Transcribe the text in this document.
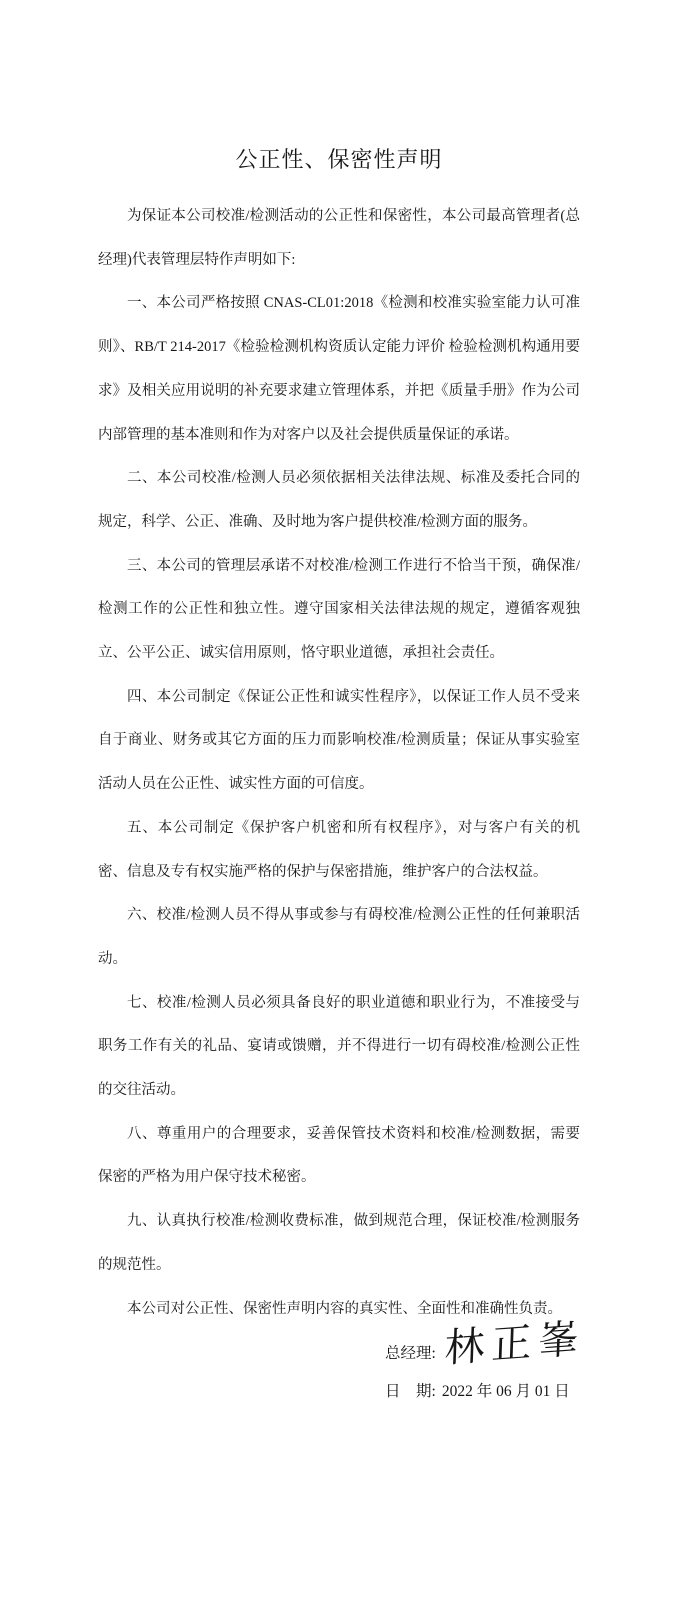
公正性、保密性声明

为保证本公司校准/检测活动的公正性和保密性，本公司最高管理者(总经理)代表管理层特作声明如下:

一、本公司严格按照 CNAS-CL01:2018《检测和校准实验室能力认可准则》、RB/T 214-2017《检验检测机构资质认定能力评价 检验检测机构通用要求》及相关应用说明的补充要求建立管理体系，并把《质量手册》作为公司内部管理的基本准则和作为对客户以及社会提供质量保证的承诺。

二、本公司校准/检测人员必须依据相关法律法规、标准及委托合同的规定，科学、公正、准确、及时地为客户提供校准/检测方面的服务。

三、本公司的管理层承诺不对校准/检测工作进行不恰当干预，确保准/检测工作的公正性和独立性。遵守国家相关法律法规的规定，遵循客观独立、公平公正、诚实信用原则，恪守职业道德，承担社会责任。

四、本公司制定《保证公正性和诚实性程序》，以保证工作人员不受来自于商业、财务或其它方面的压力而影响校准/检测质量；保证从事实验室活动人员在公正性、诚实性方面的可信度。

五、本公司制定《保护客户机密和所有权程序》，对与客户有关的机密、信息及专有权实施严格的保护与保密措施，维护客户的合法权益。

六、校准/检测人员不得从事或参与有碍校准/检测公正性的任何兼职活动。

七、校准/检测人员必须具备良好的职业道德和职业行为，不准接受与职务工作有关的礼品、宴请或馈赠，并不得进行一切有碍校准/检测公正性的交往活动。

八、尊重用户的合理要求，妥善保管技术资料和校准/检测数据，需要保密的严格为用户保守技术秘密。

九、认真执行校准/检测收费标准，做到规范合理，保证校准/检测服务的规范性。

本公司对公正性、保密性声明内容的真实性、全面性和准确性负责。

总经理: 林正峯
日　期: 2022 年 06 月 01 日
